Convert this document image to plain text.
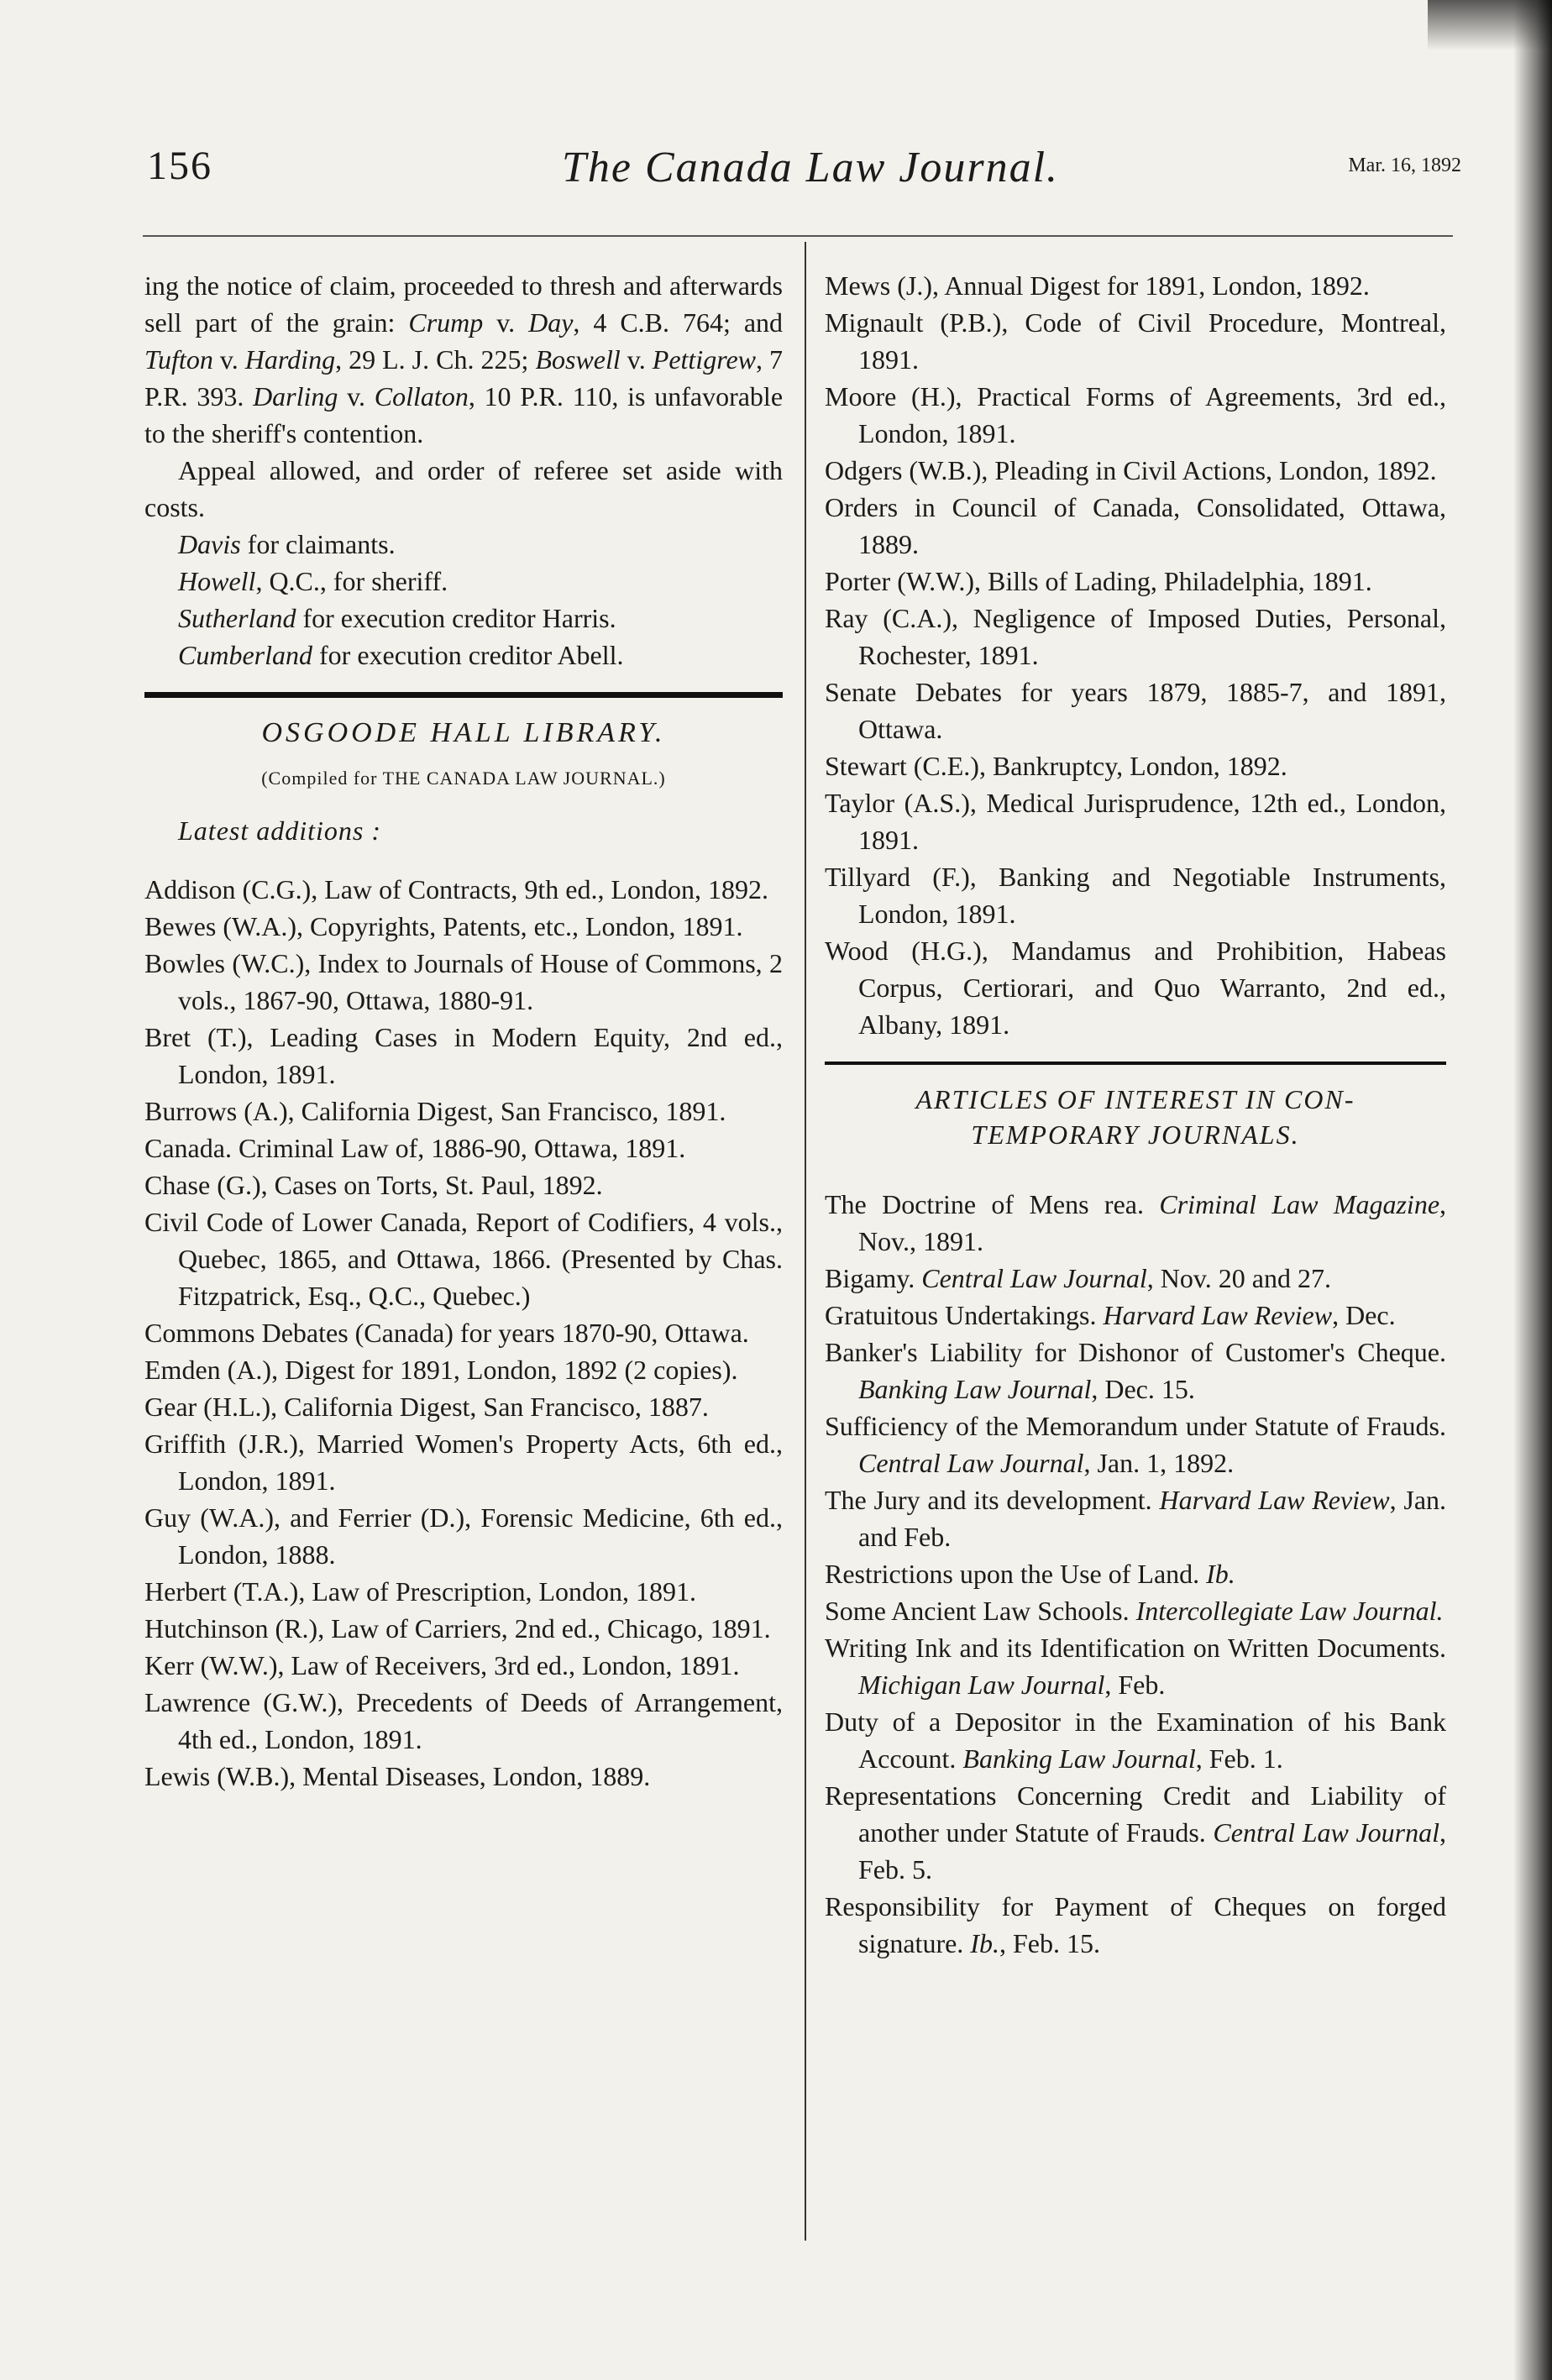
156	The Canada Law Journal.	Mar. 16, 1892

ing the notice of claim, proceeded to thresh and afterwards sell part of the grain: Crump v. Day, 4 C.B. 764; and Tufton v. Harding, 29 L. J. Ch. 225; Boswell v. Pettigrew, 7 P.R. 393. Darling v. Collaton, 10 P.R. 110, is unfavorable to the sheriff's contention.

Appeal allowed, and order of referee set aside with costs.

Davis for claimants.

Howell, Q.C., for sheriff.

Sutherland for execution creditor Harris.

Cumberland for execution creditor Abell.

OSGOODE HALL LIBRARY.

(Compiled for THE CANADA LAW JOURNAL.)

Latest additions :

Addison (C.G.), Law of Contracts, 9th ed., London, 1892.

Bewes (W.A.), Copyrights, Patents, etc., London, 1891.

Bowles (W.C.), Index to Journals of House of Commons, 2 vols., 1867-90, Ottawa, 1880-91.

Bret (T.), Leading Cases in Modern Equity, 2nd ed., London, 1891.

Burrows (A.), California Digest, San Francisco, 1891.

Canada. Criminal Law of, 1886-90, Ottawa, 1891.

Chase (G.), Cases on Torts, St. Paul, 1892.

Civil Code of Lower Canada, Report of Codifiers, 4 vols., Quebec, 1865, and Ottawa, 1866. (Presented by Chas. Fitzpatrick, Esq., Q.C., Quebec.)

Commons Debates (Canada) for years 1870-90, Ottawa.

Emden (A.), Digest for 1891, London, 1892 (2 copies).

Gear (H.L.), California Digest, San Francisco, 1887.

Griffith (J.R.), Married Women's Property Acts, 6th ed., London, 1891.

Guy (W.A.), and Ferrier (D.), Forensic Medicine, 6th ed., London, 1888.

Herbert (T.A.), Law of Prescription, London, 1891.

Hutchinson (R.), Law of Carriers, 2nd ed., Chicago, 1891.

Kerr (W.W.), Law of Receivers, 3rd ed., London, 1891.

Lawrence (G.W.), Precedents of Deeds of Arrangement, 4th ed., London, 1891.

Lewis (W.B.), Mental Diseases, London, 1889.

Mews (J.), Annual Digest for 1891, London, 1892.

Mignault (P.B.), Code of Civil Procedure, Montreal, 1891.

Moore (H.), Practical Forms of Agreements, 3rd ed., London, 1891.

Odgers (W.B.), Pleading in Civil Actions, London, 1892.

Orders in Council of Canada, Consolidated, Ottawa, 1889.

Porter (W.W.), Bills of Lading, Philadelphia, 1891.

Ray (C.A.), Negligence of Imposed Duties, Personal, Rochester, 1891.

Senate Debates for years 1879, 1885-7, and 1891, Ottawa.

Stewart (C.E.), Bankruptcy, London, 1892.

Taylor (A.S.), Medical Jurisprudence, 12th ed., London, 1891.

Tillyard (F.), Banking and Negotiable Instruments, London, 1891.

Wood (H.G.), Mandamus and Prohibition, Habeas Corpus, Certiorari, and Quo Warranto, 2nd ed., Albany, 1891.

ARTICLES OF INTEREST IN CON-
TEMPORARY JOURNALS.

The Doctrine of Mens rea. Criminal Law Magazine, Nov., 1891.

Bigamy. Central Law Journal, Nov. 20 and 27.

Gratuitous Undertakings. Harvard Law Review, Dec.

Banker's Liability for Dishonor of Customer's Cheque. Banking Law Journal, Dec. 15.

Sufficiency of the Memorandum under Statute of Frauds. Central Law Journal, Jan. 1, 1892.

The Jury and its development. Harvard Law Review, Jan. and Feb.

Restrictions upon the Use of Land. Ib.

Some Ancient Law Schools. Intercollegiate Law Journal.

Writing Ink and its Identification on Written Documents. Michigan Law Journal, Feb.

Duty of a Depositor in the Examination of his Bank Account. Banking Law Journal, Feb. 1.

Representations Concerning Credit and Liability of another under Statute of Frauds. Central Law Journal, Feb. 5.

Responsibility for Payment of Cheques on forged signature. Ib., Feb. 15.
